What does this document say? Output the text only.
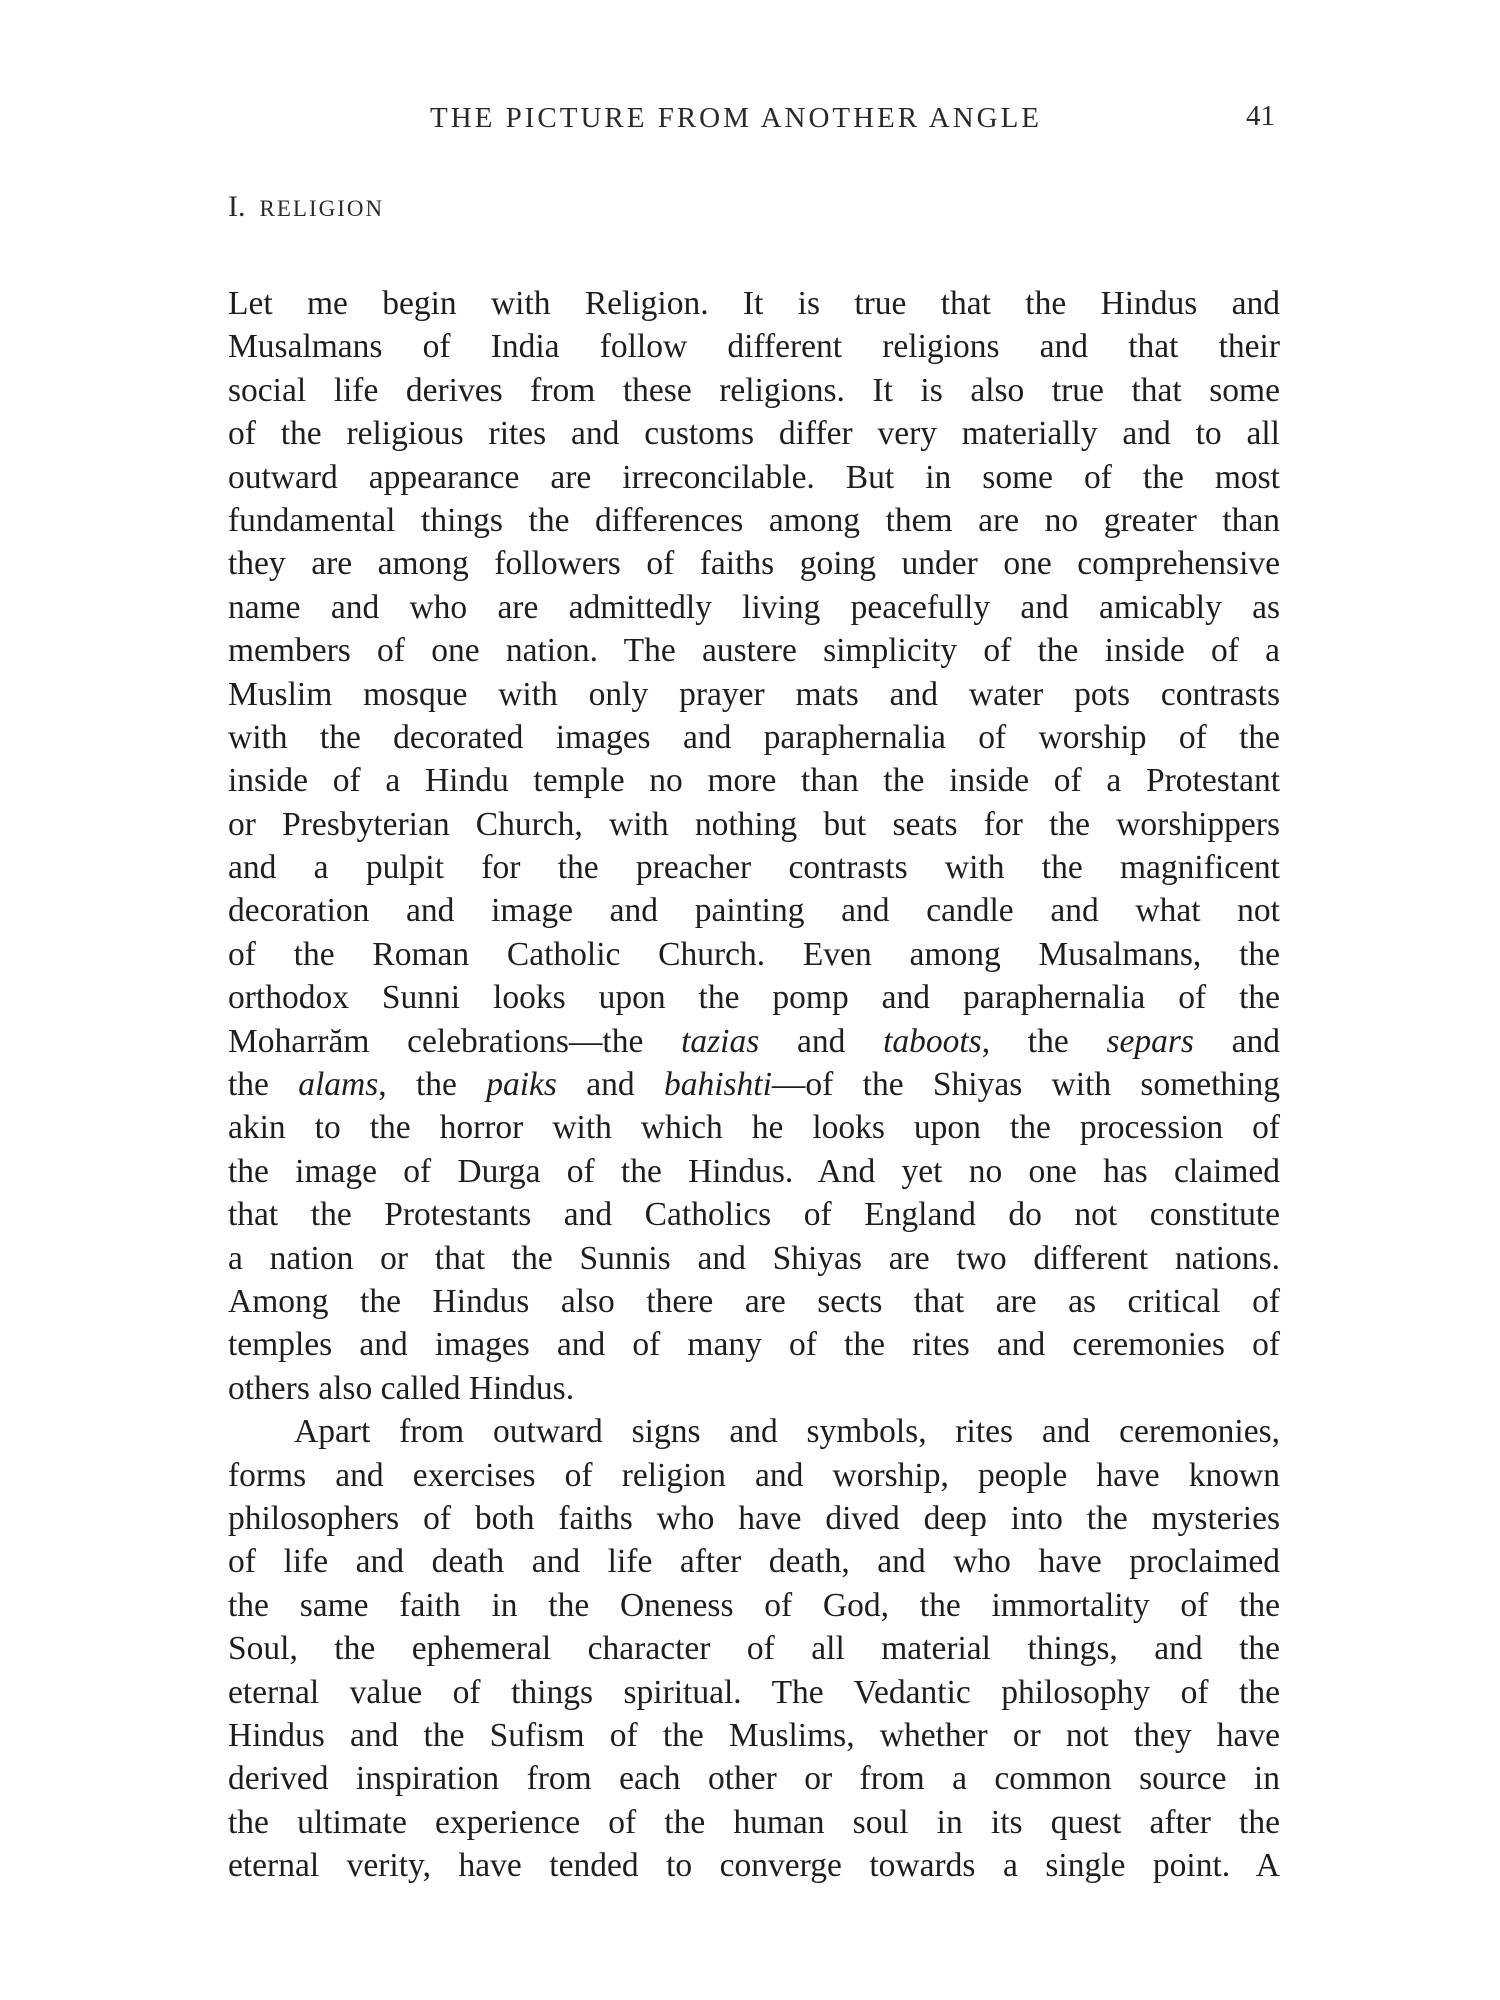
THE PICTURE FROM ANOTHER ANGLE	41
I. RELIGION
Let me begin with Religion. It is true that the Hindus and
Musalmans of India follow different religions and that their
social life derives from these religions. It is also true that some
of the religious rites and customs differ very materially and to all
outward appearance are irreconcilable. But in some of the most
fundamental things the differences among them are no greater than
they are among followers of faiths going under one comprehensive
name and who are admittedly living peacefully and amicably as
members of one nation. The austere simplicity of the inside of a
Muslim mosque with only prayer mats and water pots contrasts
with the decorated images and paraphernalia of worship of the
inside of a Hindu temple no more than the inside of a Protestant
or Presbyterian Church, with nothing but seats for the worshippers
and a pulpit for the preacher contrasts with the magnificent
decoration and image and painting and candle and what not
of the Roman Catholic Church. Even among Musalmans, the
orthodox Sunni looks upon the pomp and paraphernalia of the
Moharrăm celebrations—the tazias and taboots, the separs and
the alams, the paiks and bahishti—of the Shiyas with something
akin to the horror with which he looks upon the procession of
the image of Durga of the Hindus. And yet no one has claimed
that the Protestants and Catholics of England do not constitute
a nation or that the Sunnis and Shiyas are two different nations.
Among the Hindus also there are sects that are as critical of
temples and images and of many of the rites and ceremonies of
others also called Hindus.
Apart from outward signs and symbols, rites and ceremonies,
forms and exercises of religion and worship, people have known
philosophers of both faiths who have dived deep into the mysteries
of life and death and life after death, and who have proclaimed
the same faith in the Oneness of God, the immortality of the
Soul, the ephemeral character of all material things, and the
eternal value of things spiritual. The Vedantic philosophy of the
Hindus and the Sufism of the Muslims, whether or not they have
derived inspiration from each other or from a common source in
the ultimate experience of the human soul in its quest after the
eternal verity, have tended to converge towards a single point. A
